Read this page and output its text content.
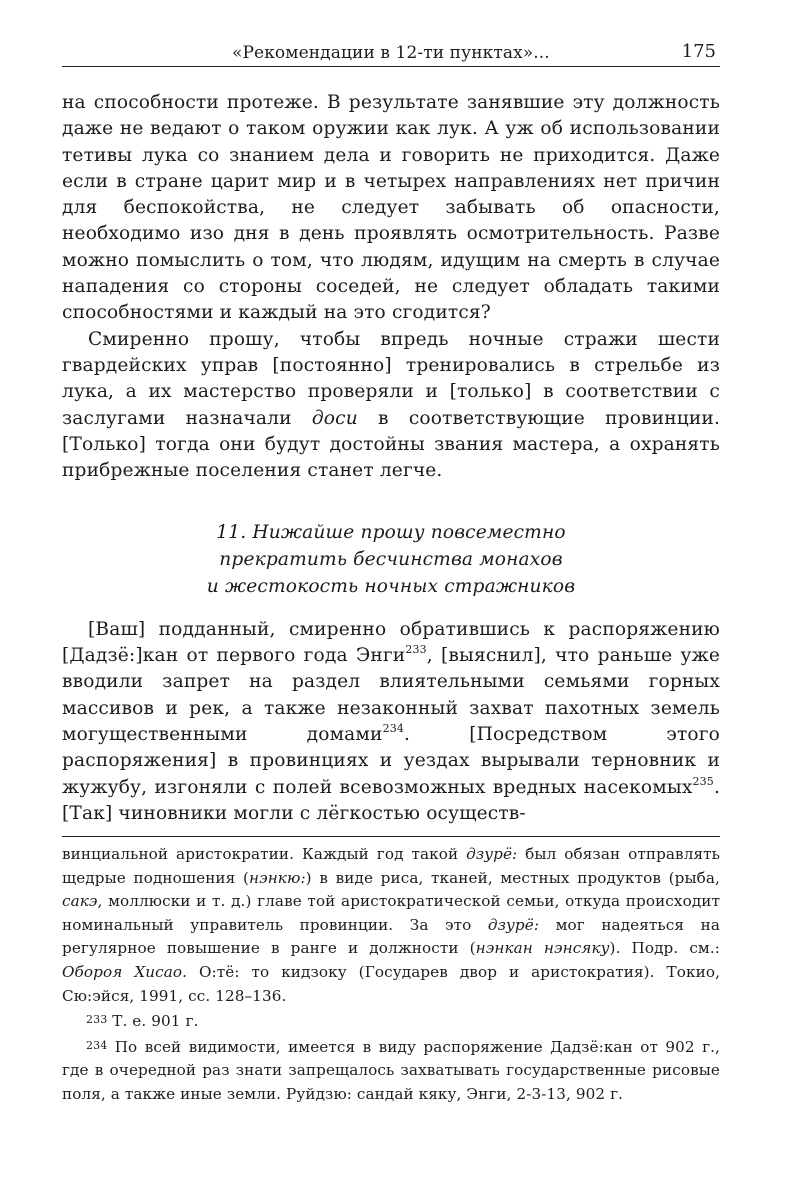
«Рекомендации в 12-ти пунктах»...	175

на способности протеже. В результате занявшие эту должность даже не ведают о таком оружии как лук. А уж об использовании тетивы лука со знанием дела и говорить не приходится. Даже если в стране царит мир и в четырех направлениях нет причин для беспокойства, не следует забывать об опасности, необходимо изо дня в день проявлять осмотрительность. Разве можно помыслить о том, что людям, идущим на смерть в случае нападения со стороны соседей, не следует обладать такими способностями и каждый на это сгодится?

Смиренно прошу, чтобы впредь ночные стражи шести гвардейских управ [постоянно] тренировались в стрельбе из лука, а их мастерство проверяли и [только] в соответствии с заслугами назначали доси в соответствующие провинции. [Только] тогда они будут достойны звания мастера, а охранять прибрежные поселения станет легче.

11. Нижайше прошу повсеместно
прекратить бесчинства монахов
и жестокость ночных стражников

[Ваш] подданный, смиренно обратившись к распоряжению [Дадзё:]кан от первого года Энги$^{233}$, [выяснил], что раньше уже вводили запрет на раздел влиятельными семьями горных массивов и рек, а также незаконный захват пахотных земель могущественными домами$^{234}$. [Посредством этого распоряжения] в провинциях и уездах вырывали терновник и жужубу, изгоняли с полей всевозможных вредных насекомых$^{235}$. [Так] чиновники могли с лёгкостью осуществ-

винциальной аристократии. Каждый год такой дзурё: был обязан отправлять щедрые подношения (нэнкю:) в виде риса, тканей, местных продуктов (рыба, сакэ, моллюски и т. д.) главе той аристократической семьи, откуда происходит номинальный управитель провинции. За это дзурё: мог надеяться на регулярное повышение в ранге и должности (нэнкан нэнсяку). Подр. см.: Обороя Хисао. О:тё: то кидзоку (Государев двор и аристократия). Токио, Сю:эйся, 1991, сс. 128–136.

233 Т. е. 901 г.

234 По всей видимости, имеется в виду распоряжение Дадзё:кан от 902 г., где в очередной раз знати запрещалось захватывать государственные рисовые поля, а также иные земли. Руйдзю: сандай кяку, Энги, 2-3-13, 902 г.
